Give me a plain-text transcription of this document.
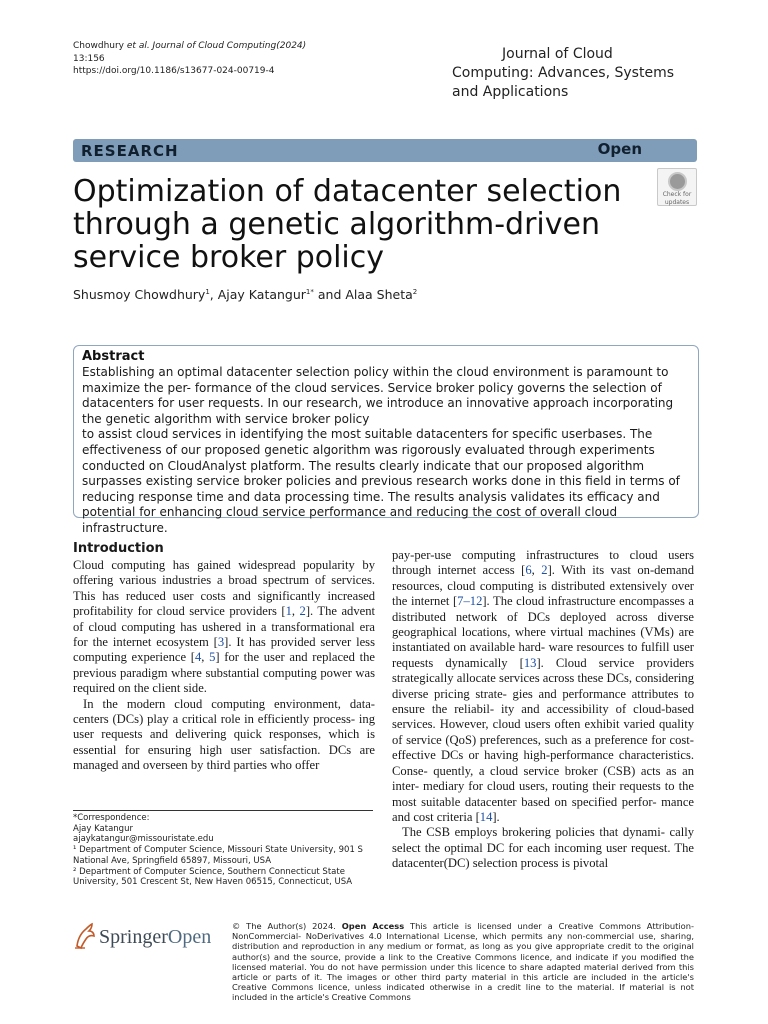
Chowdhury et al. Journal of Cloud Computing(2024)
13:156
https://doi.org/10.1186/s13677-024-00719-4
Journal of Cloud
Computing: Advances, Systems
and Applications
RESEARCH	Open
Optimization of datacenter selection through a genetic algorithm-driven service broker policy
Check for
updates
Shusmoy Chowdhury$^1$, Ajay Katangur$^{1*}$ and Alaa Sheta$^2$
Abstract
Establishing an optimal datacenter selection policy within the cloud environment is paramount to maximize the per- formance of the cloud services. Service broker policy governs the selection of datacenters for user requests. In our research, we introduce an innovative approach incorporating the genetic algorithm with service broker policy
to assist cloud services in identifying the most suitable datacenters for specific userbases. The effectiveness of our proposed genetic algorithm was rigorously evaluated through experiments conducted on CloudAnalyst platform. The results clearly indicate that our proposed algorithm surpasses existing service broker policies and previous research works done in this field in terms of reducing response time and data processing time. The results analysis validates its efficacy and potential for enhancing cloud service performance and reducing the cost of overall cloud infrastructure.
Introduction

Cloud computing has gained widespread popularity by offering various industries a broad spectrum of services. This has reduced user costs and significantly increased profitability for cloud service providers [1, 2]. The advent of cloud computing has ushered in a transformational era for the internet ecosystem [3]. It has provided server less computing experience [4, 5] for the user and replaced the previous paradigm where substantial computing power was required on the client side.

In the modern cloud computing environment, data- centers (DCs) play a critical role in efficiently process- ing user requests and delivering quick responses, which is essential for ensuring high user satisfaction. DCs are managed and overseen by third parties who offer

pay-per-use computing infrastructures to cloud users through internet access [6, 2]. With its vast on-demand resources, cloud computing is distributed extensively over the internet [7–12]. The cloud infrastructure encompasses a distributed network of DCs deployed across diverse geographical locations, where virtual machines (VMs) are instantiated on available hard- ware resources to fulfill user requests dynamically [13]. Cloud service providers strategically allocate services across these DCs, considering diverse pricing strate- gies and performance attributes to ensure the reliabil- ity and accessibility of cloud-based services. However, cloud users often exhibit varied quality of service (QoS) preferences, such as a preference for cost-effective DCs or having high-performance characteristics. Conse- quently, a cloud service broker (CSB) acts as an inter- mediary for cloud users, routing their requests to the most suitable datacenter based on specified perfor- mance and cost criteria [14].

The CSB employs brokering policies that dynami- cally select the optimal DC for each incoming user request. The datacenter(DC) selection process is pivotal

*Correspondence:
Ajay Katangur
ajaykatangur@missouristate.edu
¹ Department of Computer Science, Missouri State University, 901 S National Ave, Springfield 65897, Missouri, USA
² Department of Computer Science, Southern Connecticut State University, 501 Crescent St, New Haven 06515, Connecticut, USA
SpringerOpen	© The Author(s) 2024. Open Access This article is licensed under a Creative Commons Attribution-NonCommercial- NoDerivatives 4.0 International License, which permits any non-commercial use, sharing, distribution and reproduction in any medium or format, as long as you give appropriate credit to the original author(s) and the source, provide a link to the Creative Commons licence, and indicate if you modified the licensed material. You do not have permission under this licence to share adapted material derived from this article or parts of it. The images or other third party material in this article are included in the article's Creative Commons licence, unless indicated otherwise in a credit line to the material. If material is not included in the article's Creative Commons
